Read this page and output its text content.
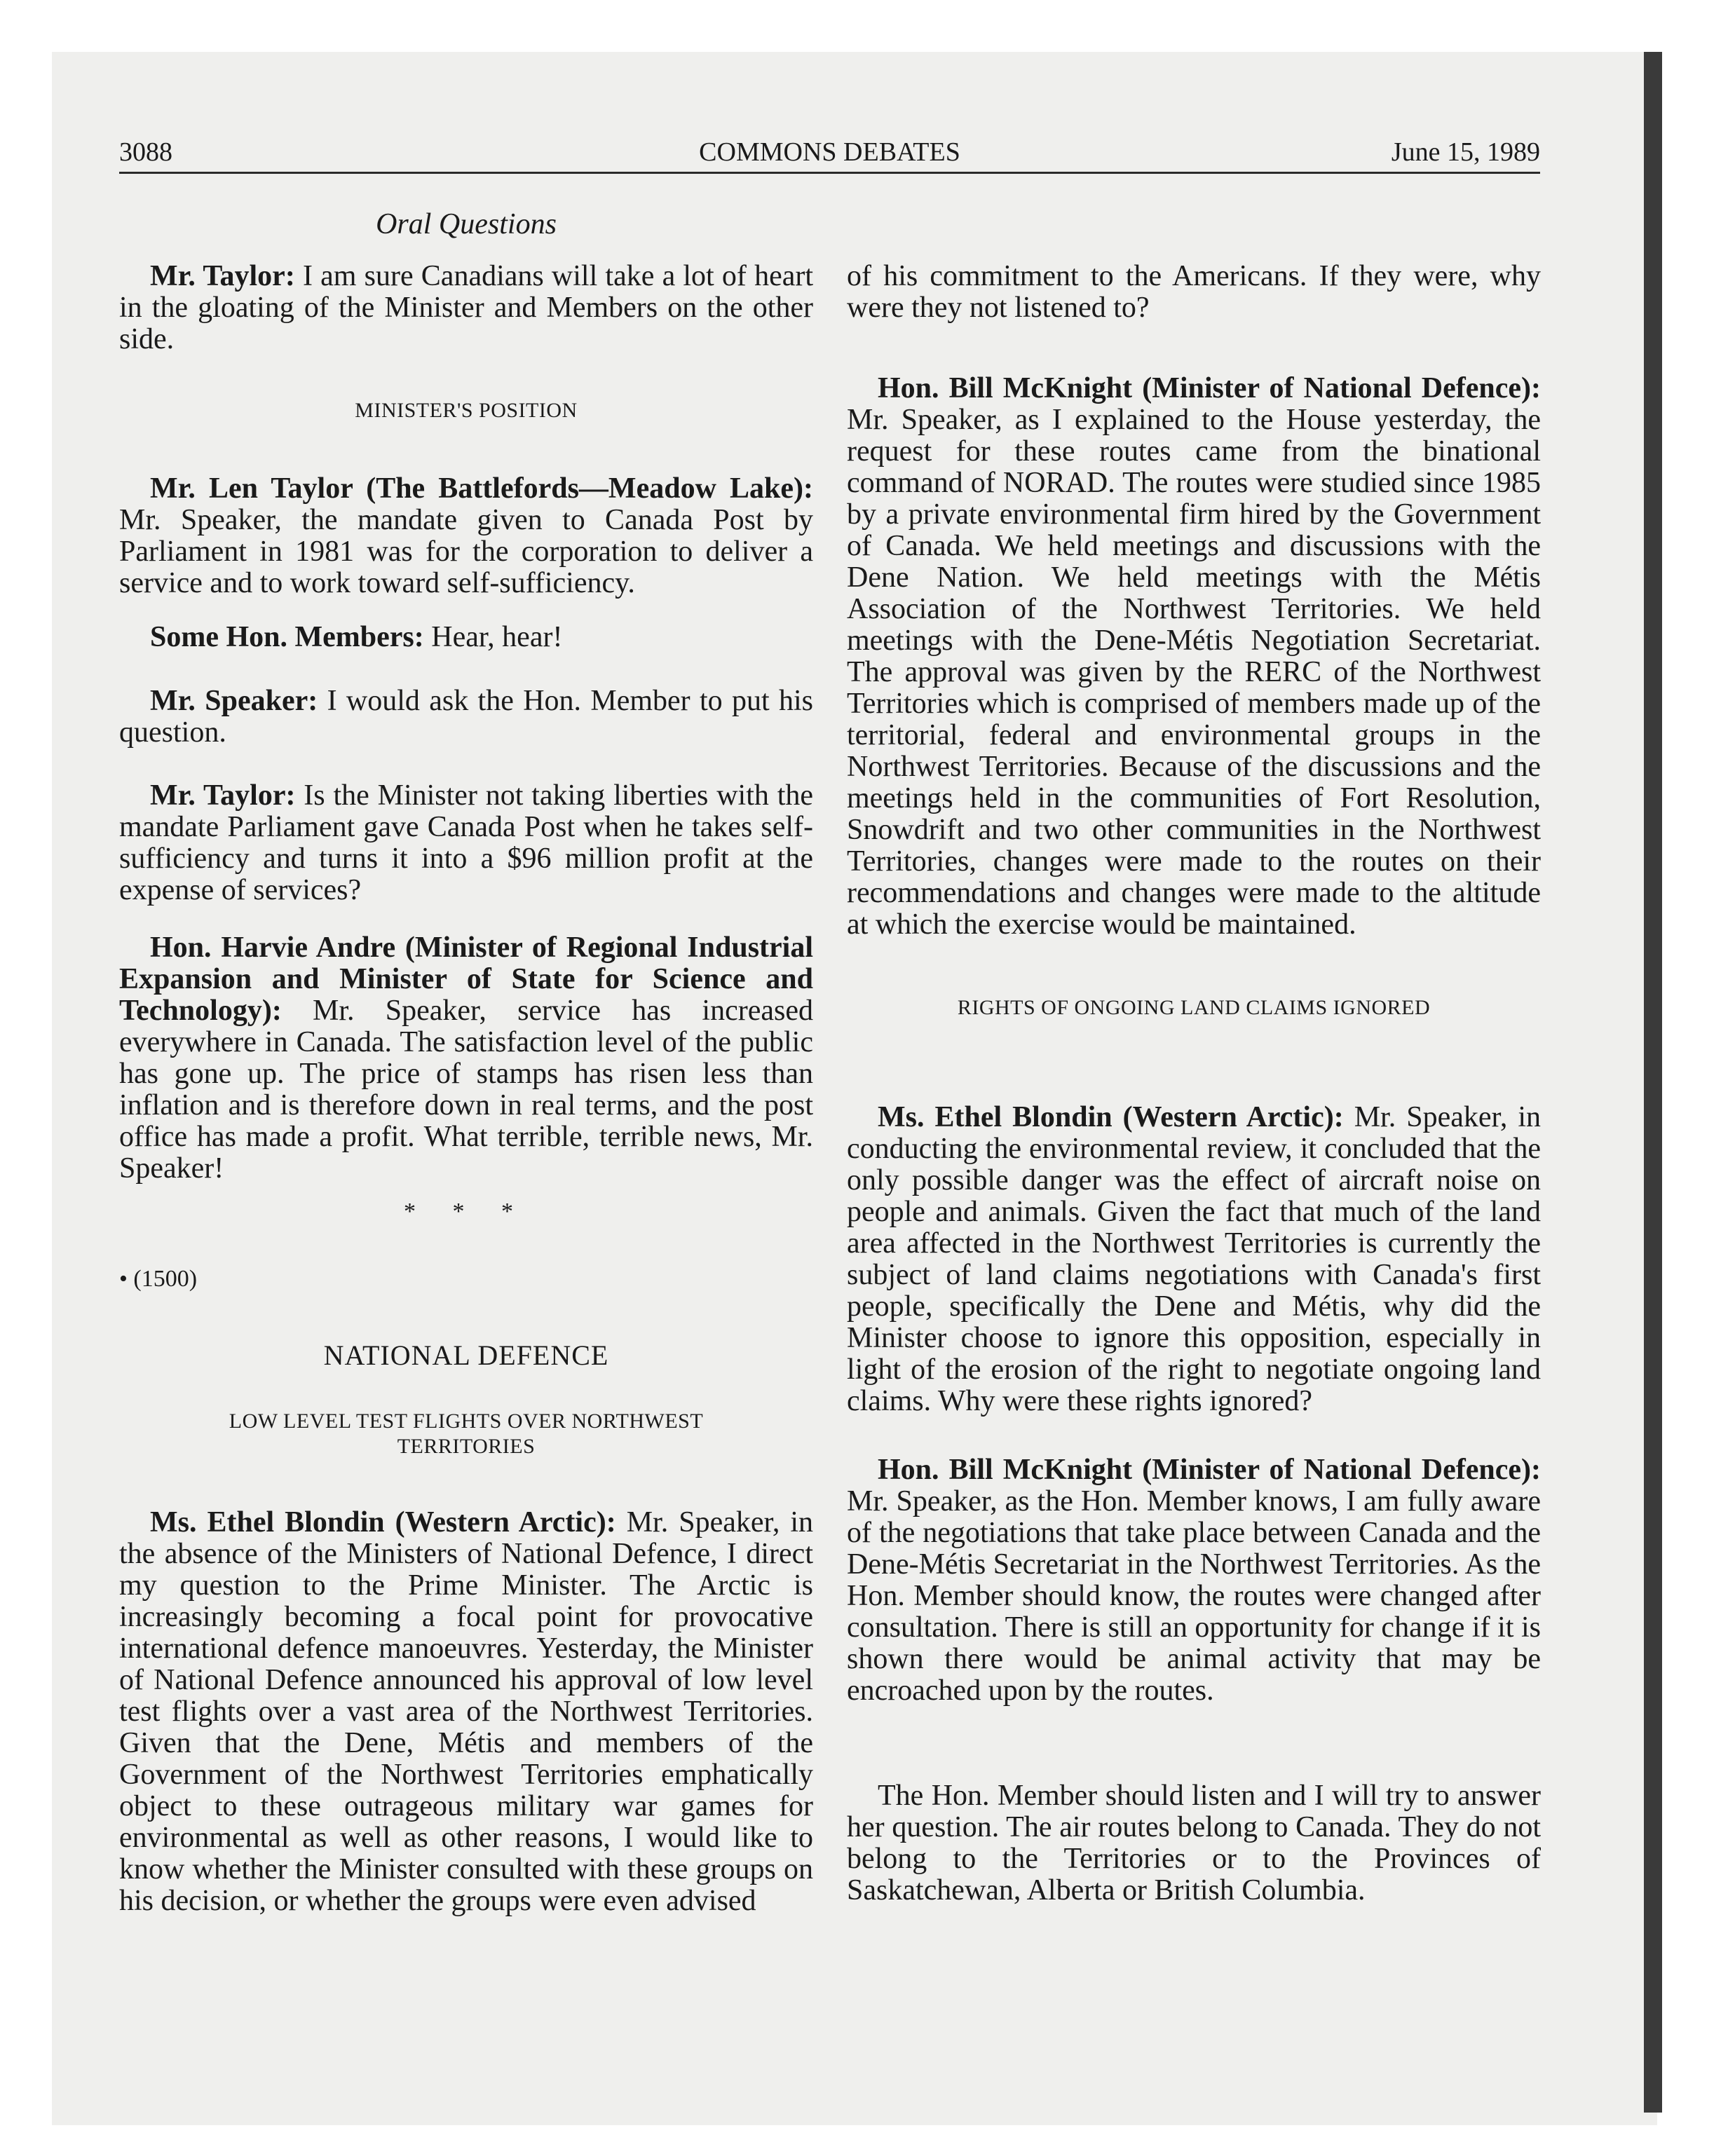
3088	COMMONS DEBATES	June 15, 1989
Oral Questions

Mr. Taylor: I am sure Canadians will take a lot of heart in the gloating of the Minister and Members on the other side.

MINISTER'S POSITION

Mr. Len Taylor (The Battlefords—Meadow Lake): Mr. Speaker, the mandate given to Canada Post by Parliament in 1981 was for the corporation to deliver a service and to work toward self-sufficiency.

Some Hon. Members: Hear, hear!

Mr. Speaker: I would ask the Hon. Member to put his question.

Mr. Taylor: Is the Minister not taking liberties with the mandate Parliament gave Canada Post when he takes self-sufficiency and turns it into a $96 million profit at the expense of services?

Hon. Harvie Andre (Minister of Regional Industrial Expansion and Minister of State for Science and Technology): Mr. Speaker, service has increased everywhere in Canada. The satisfaction level of the public has gone up. The price of stamps has risen less than inflation and is therefore down in real terms, and the post office has made a profit. What terrible, terrible news, Mr. Speaker!

* * *
• (1500)
NATIONAL DEFENCE
LOW LEVEL TEST FLIGHTS OVER NORTHWEST TERRITORIES

Ms. Ethel Blondin (Western Arctic): Mr. Speaker, in the absence of the Ministers of National Defence, I direct my question to the Prime Minister. The Arctic is increasingly becoming a focal point for provocative international defence manoeuvres. Yesterday, the Minister of National Defence announced his approval of low level test flights over a vast area of the Northwest Territories. Given that the Dene, Métis and members of the Government of the Northwest Territories emphatically object to these outrageous military war games for environmental as well as other reasons, I would like to know whether the Minister consulted with these groups on his decision, or whether the groups were even advised

of his commitment to the Americans. If they were, why were they not listened to?

Hon. Bill McKnight (Minister of National Defence): Mr. Speaker, as I explained to the House yesterday, the request for these routes came from the binational command of NORAD. The routes were studied since 1985 by a private environmental firm hired by the Government of Canada. We held meetings and discussions with the Dene Nation. We held meetings with the Métis Association of the Northwest Territories. We held meetings with the Dene-Métis Negotiation Secretariat. The approval was given by the RERC of the Northwest Territories which is comprised of members made up of the territorial, federal and environmental groups in the Northwest Territories. Because of the discussions and the meetings held in the communities of Fort Resolution, Snowdrift and two other communities in the Northwest Territories, changes were made to the routes on their recommendations and changes were made to the altitude at which the exercise would be maintained.

RIGHTS OF ONGOING LAND CLAIMS IGNORED

Ms. Ethel Blondin (Western Arctic): Mr. Speaker, in conducting the environmental review, it concluded that the only possible danger was the effect of aircraft noise on people and animals. Given the fact that much of the land area affected in the Northwest Territories is currently the subject of land claims negotiations with Canada's first people, specifically the Dene and Métis, why did the Minister choose to ignore this opposition, especially in light of the erosion of the right to negotiate ongoing land claims. Why were these rights ignored?

Hon. Bill McKnight (Minister of National Defence): Mr. Speaker, as the Hon. Member knows, I am fully aware of the negotiations that take place between Canada and the Dene-Métis Secretariat in the Northwest Territories. As the Hon. Member should know, the routes were changed after consultation. There is still an opportunity for change if it is shown there would be animal activity that may be encroached upon by the routes.

The Hon. Member should listen and I will try to answer her question. The air routes belong to Canada. They do not belong to the Territories or to the Provinces of Saskatchewan, Alberta or British Columbia.
